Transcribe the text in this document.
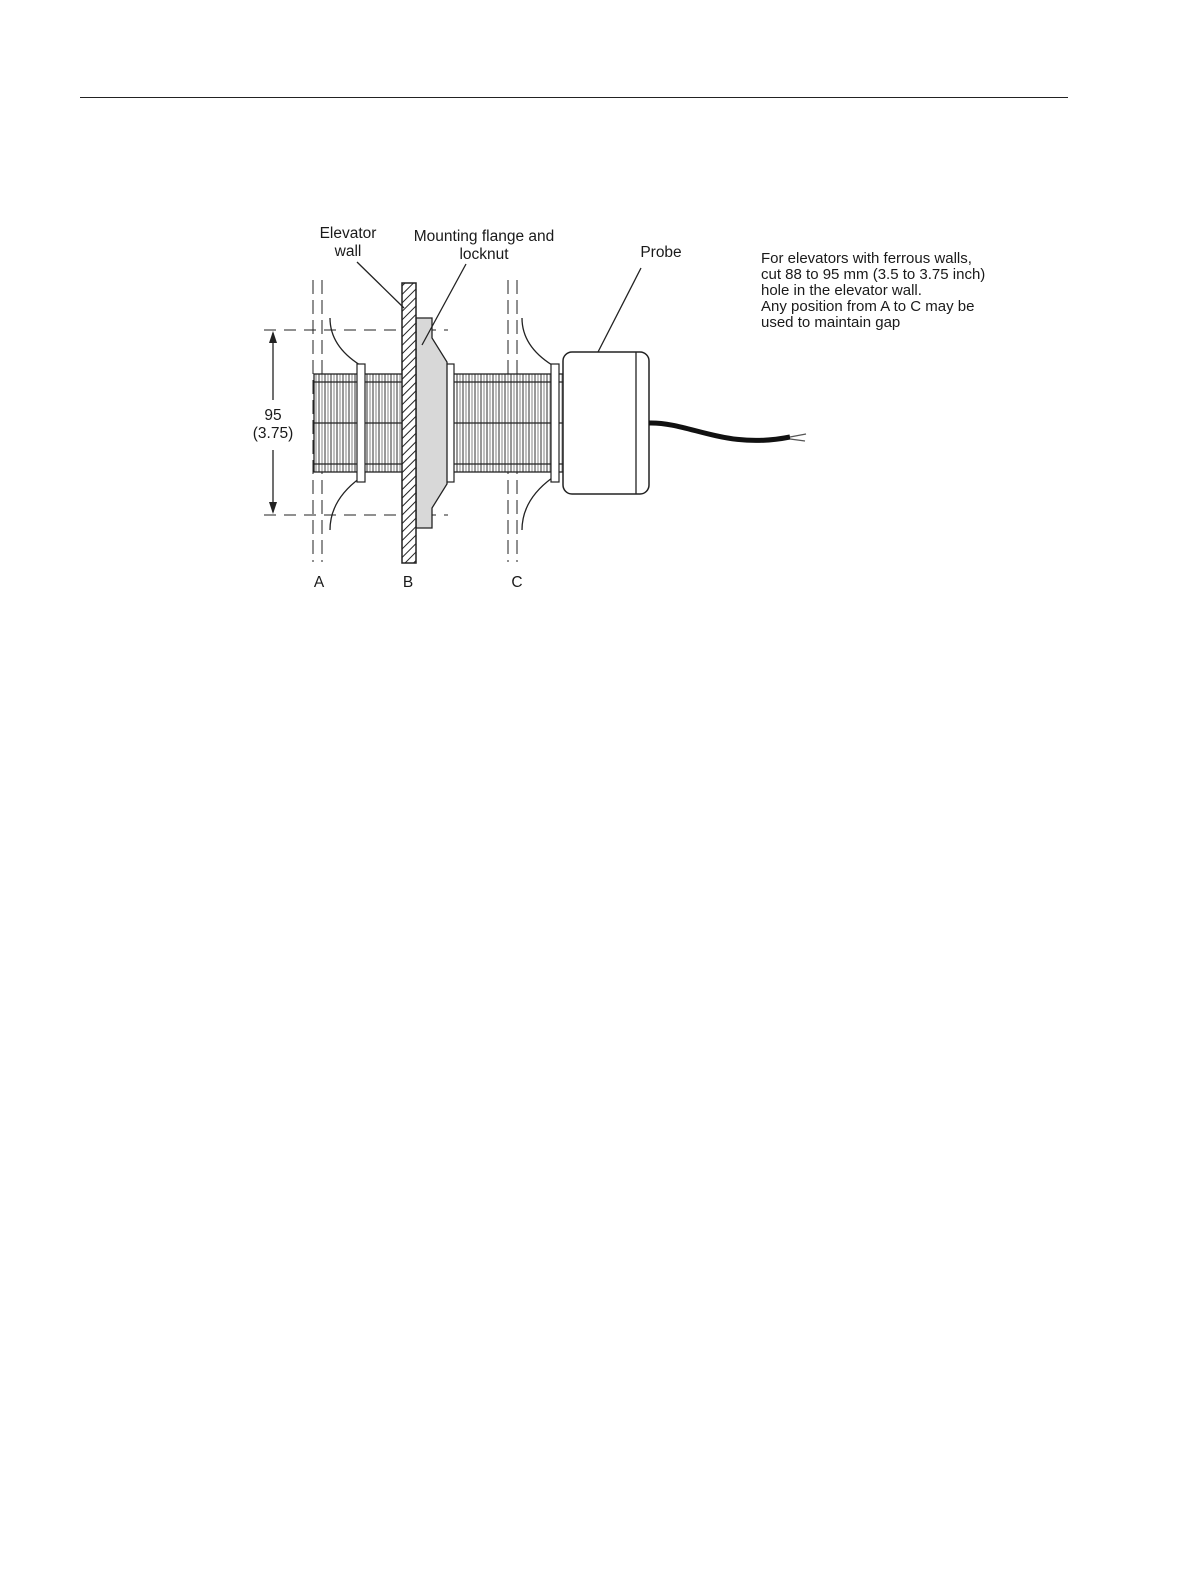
Elevator
wall
Mounting flange and
locknut	Probe
95
(3.75)
A	B	C
For elevators with ferrous walls,
cut 88 to 95 mm (3.5 to 3.75 inch)
hole in the elevator wall.
Any position from A to C may be
used to maintain gap
